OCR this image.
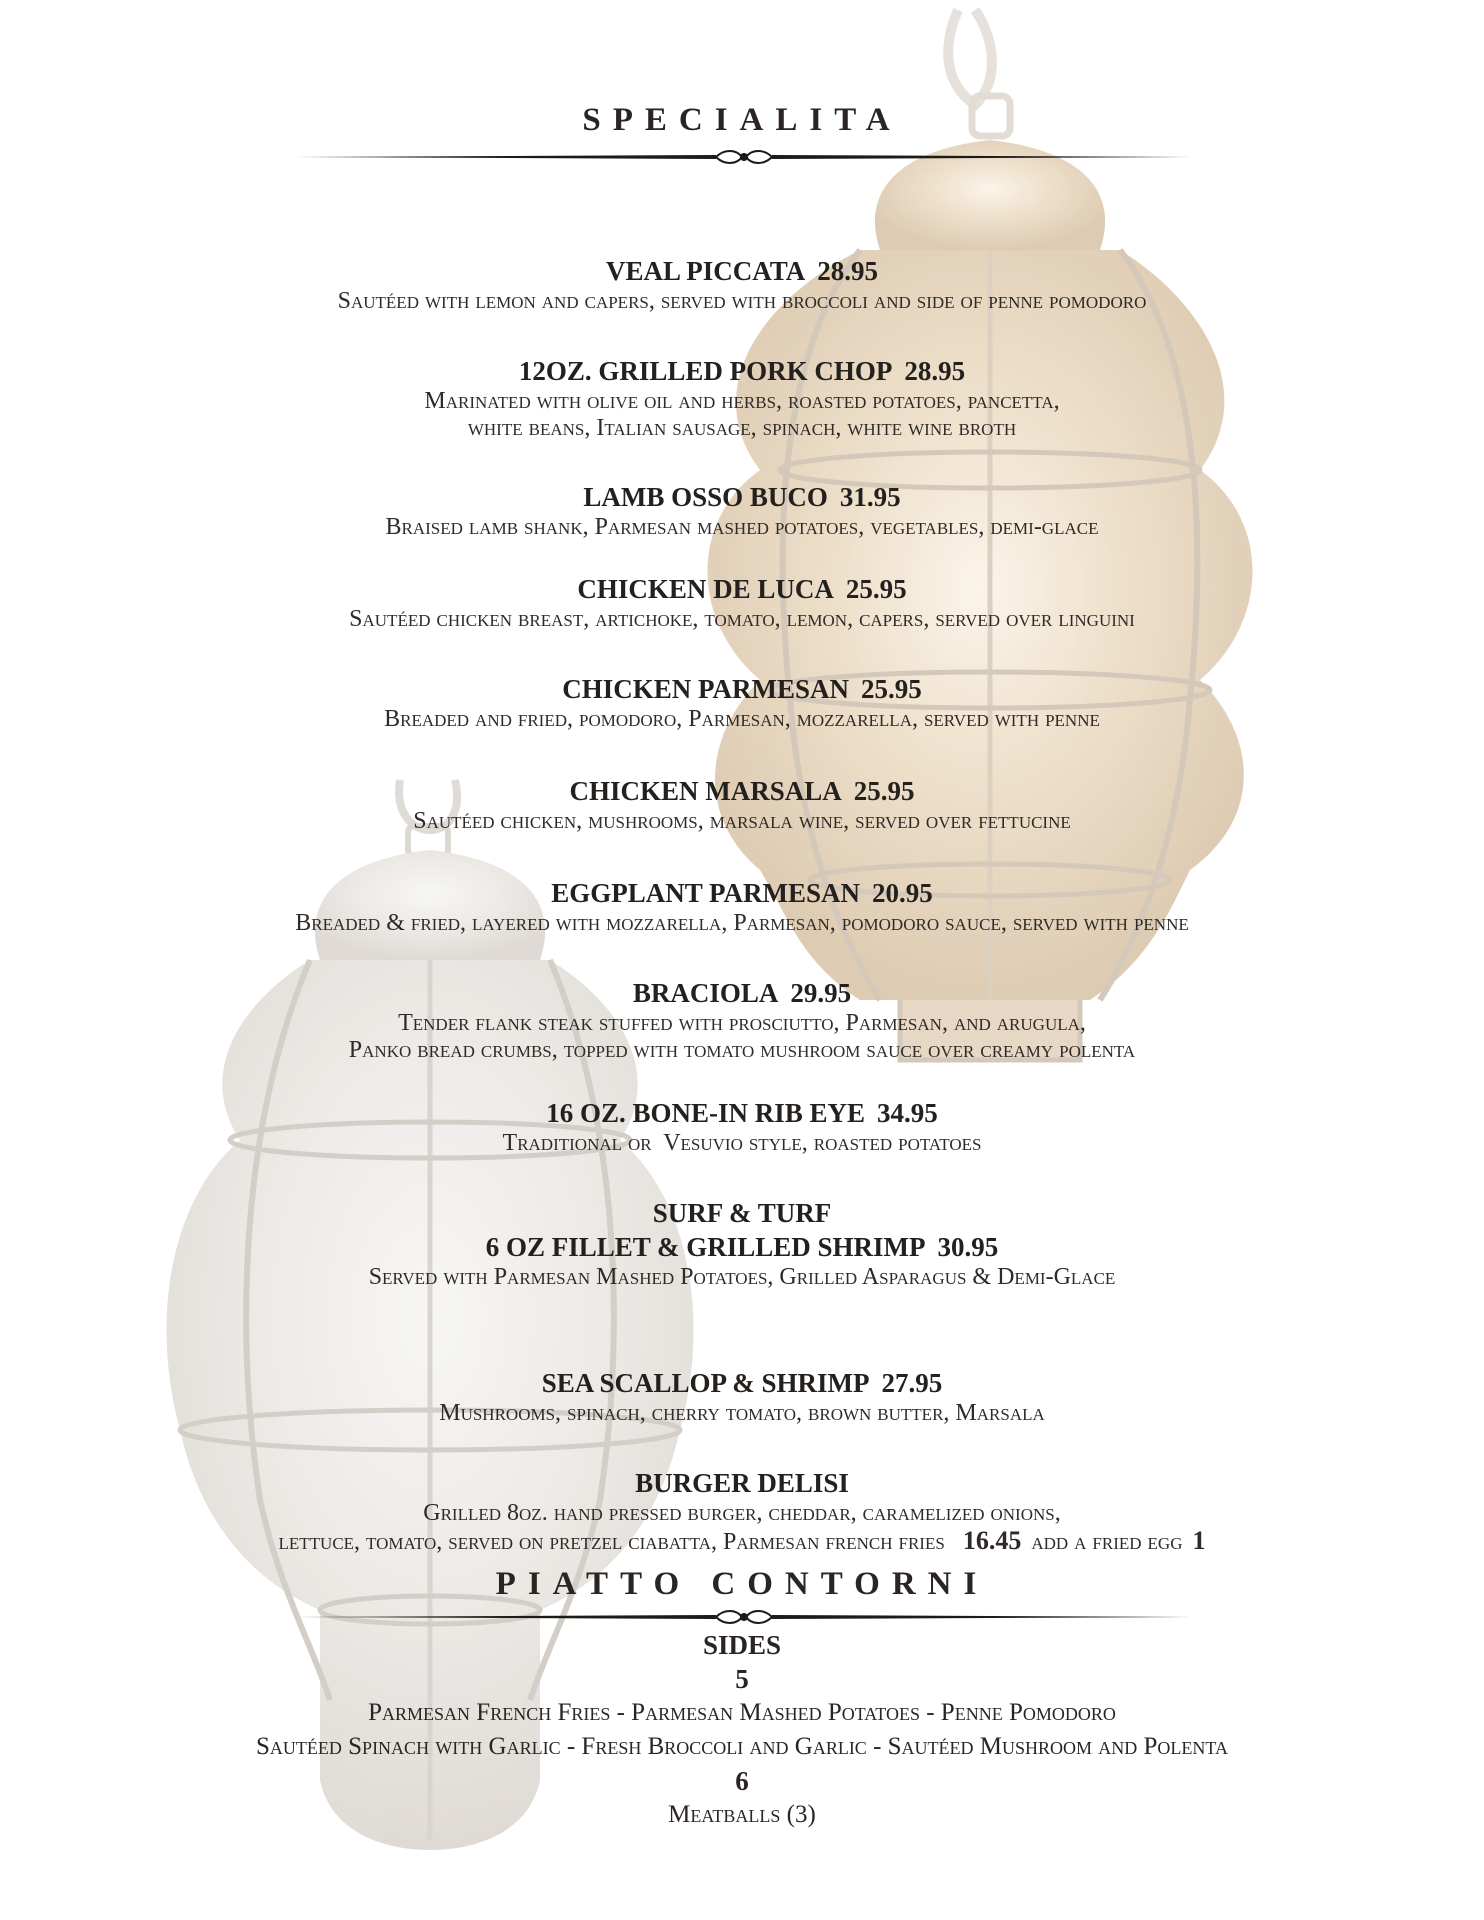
SPECIALITA
VEAL PICCATA 28.95
Sautéed with lemon and capers, served with broccoli and side of penne pomodoro
12OZ. GRILLED PORK CHOP 28.95
Marinated with olive oil and herbs, roasted potatoes, pancetta,
white beans, Italian sausage, spinach, white wine broth
LAMB OSSO BUCO 31.95
Braised lamb shank, Parmesan mashed potatoes, vegetables, demi-glace
CHICKEN DE LUCA 25.95
Sautéed chicken breast, artichoke, tomato, lemon, capers, served over linguini
CHICKEN PARMESAN 25.95
Breaded and fried, pomodoro, Parmesan, mozzarella, served with penne
CHICKEN MARSALA 25.95
Sautéed chicken, mushrooms, marsala wine, served over fettucine
EGGPLANT PARMESAN 20.95
Breaded & fried, layered with mozzarella, Parmesan, pomodoro sauce, served with penne
BRACIOLA 29.95
Tender flank steak stuffed with prosciutto, Parmesan, and arugula,
Panko bread crumbs, topped with tomato mushroom sauce over creamy polenta
16 OZ. BONE-IN RIB EYE 34.95
Traditional or  Vesuvio style, roasted potatoes
SURF & TURF
6 OZ FILLET & GRILLED SHRIMP 30.95
Served with Parmesan Mashed Potatoes, Grilled Asparagus & Demi-Glace
SEA SCALLOP & SHRIMP 27.95
Mushrooms, spinach, cherry tomato, brown butter, Marsala
BURGER DELISI
Grilled 8oz. hand pressed burger, cheddar, caramelized onions,
lettuce, tomato, served on pretzel ciabatta, Parmesan french fries 16.45 add a fried egg 1
PIATTO CONTORNI
SIDES
5
Parmesan French Fries - Parmesan Mashed Potatoes - Penne Pomodoro
Sautéed Spinach with Garlic - Fresh Broccoli and Garlic - Sautéed Mushroom and Polenta
6
Meatballs (3)
